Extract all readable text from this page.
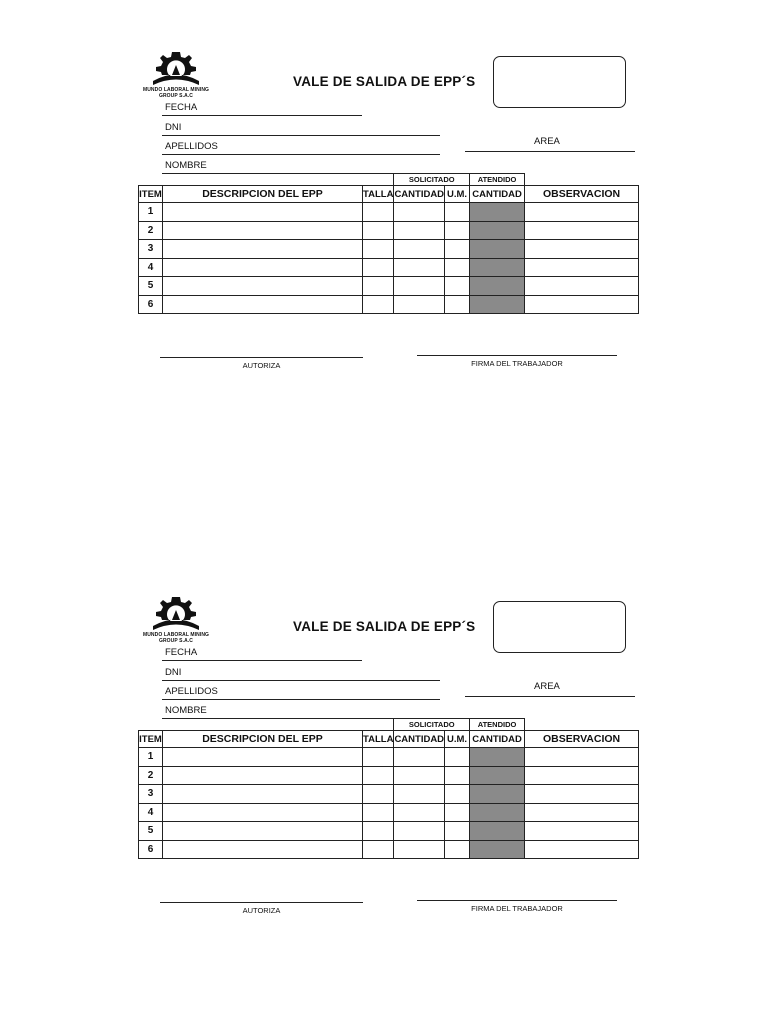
MUNDO LABORAL MINING
GROUP S.A.C
VALE DE SALIDA DE EPP´S
FECHA
DNI
APELLIDOS
NOMBRE
AREA
			SOLICITADO		ATENDIDO	
ITEM	DESCRIPCION DEL EPP	TALLA	CANTIDAD	U.M.	CANTIDAD	OBSERVACION
1						
2						
3						
4						
5						
6						
AUTORIZA	FIRMA DEL TRABAJADOR
MUNDO LABORAL MINING
GROUP S.A.C
VALE DE SALIDA DE EPP´S
FECHA
DNI
APELLIDOS
NOMBRE
AREA
			SOLICITADO		ATENDIDO	
ITEM	DESCRIPCION DEL EPP	TALLA	CANTIDAD	U.M.	CANTIDAD	OBSERVACION
1						
2						
3						
4						
5						
6						
AUTORIZA	FIRMA DEL TRABAJADOR
